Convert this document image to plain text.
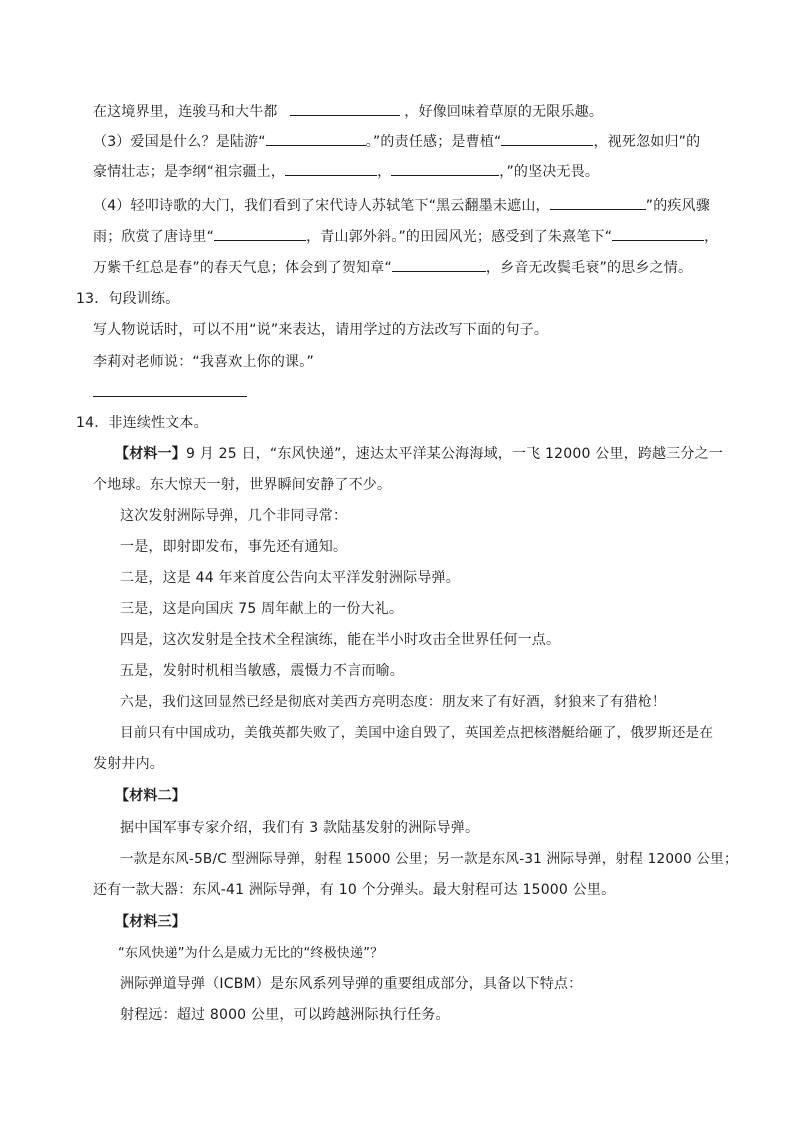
在这境界里，连骏马和大牛都	，好像回味着草原的无限乐趣。
（3）爱国是什么？是陆游“	。”的责任感；是曹植“	，视死忽如归”的
豪情壮志；是李纲“祖宗疆土，	，	，”的坚决无畏。
（4）轻叩诗歌的大门，我们看到了宋代诗人苏轼笔下“黑云翻墨未遮山，	”的疾风骤
雨；欣赏了唐诗里“	，青山郭外斜。”的田园风光；感受到了朱熹笔下“	，
万紫千红总是春”的春天气息；体会到了贺知章“	，乡音无改鬓毛衰”的思乡之情。
13．句段训练。
写人物说话时，可以不用“说”来表达，请用学过的方法改写下面的句子。
李莉对老师说：“我喜欢上你的课。”
14．非连续性文本。
【材料一】9 月 25 日，“东风快递”，速达太平洋某公海海域，一飞 12000 公里，跨越三分之一
个地球。东大惊天一射，世界瞬间安静了不少。
这次发射洲际导弹，几个非同寻常：
一是，即射即发布，事先还有通知。
二是，这是 44 年来首度公告向太平洋发射洲际导弹。
三是，这是向国庆 75 周年献上的一份大礼。
四是，这次发射是全技术全程演练，能在半小时攻击全世界任何一点。
五是，发射时机相当敏感，震慑力不言而喻。
六是，我们这回显然已经是彻底对美西方亮明态度：朋友来了有好酒，豺狼来了有猎枪！
目前只有中国成功，美俄英都失败了，美国中途自毁了，英国差点把核潜艇给砸了，俄罗斯还是在
发射井内。
【材料二】
据中国军事专家介绍，我们有 3 款陆基发射的洲际导弹。
一款是东风-5B/C 型洲际导弹，射程 15000 公里；另一款是东风-31 洲际导弹，射程 12000 公里；
还有一款大器：东风-41 洲际导弹，有 10 个分弹头。最大射程可达 15000 公里。
【材料三】
“东风快递”为什么是威力无比的“终极快递”？
洲际弹道导弹（ICBM）是东风系列导弹的重要组成部分，具备以下特点：
射程远：超过 8000 公里，可以跨越洲际执行任务。
